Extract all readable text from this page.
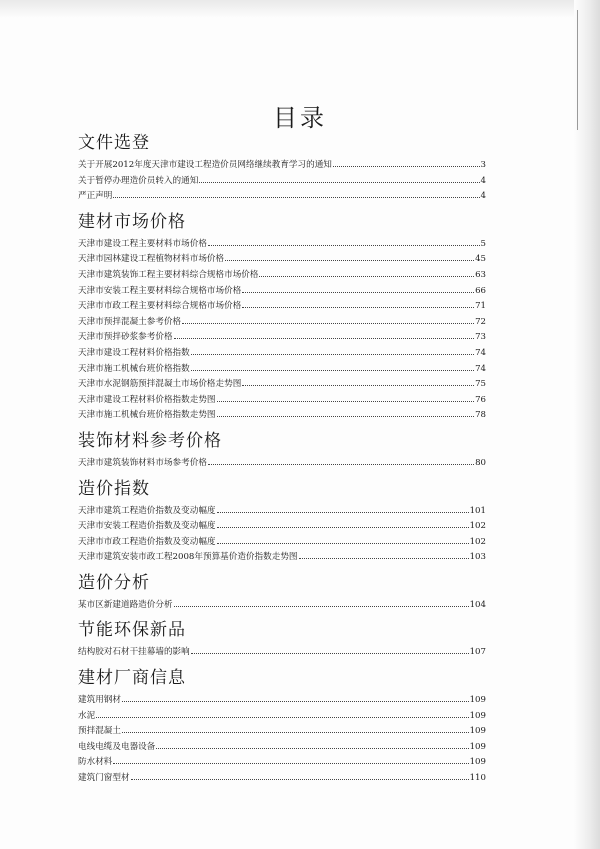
目录
文件选登
关于开展2012年度天津市建设工程造价员网络继续教育学习的通知	3
关于暂停办理造价员转入的通知	4
严正声明	4
建材市场价格
天津市建设工程主要材料市场价格	5
天津市园林建设工程植物材料市场价格	45
天津市建筑装饰工程主要材料综合规格市场价格	63
天津市安装工程主要材料综合规格市场价格	66
天津市市政工程主要材料综合规格市场价格	71
天津市预拌混凝土参考价格	72
天津市预拌砂浆参考价格	73
天津市建设工程材料价格指数	74
天津市施工机械台班价格指数	74
天津市水泥钢筋预拌混凝土市场价格走势图	75
天津市建设工程材料价格指数走势图	76
天津市施工机械台班价格指数走势图	78
装饰材料参考价格
天津市建筑装饰材料市场参考价格	80
造价指数
天津市建筑工程造价指数及变动幅度	101
天津市安装工程造价指数及变动幅度	102
天津市市政工程造价指数及变动幅度	102
天津市建筑安装市政工程2008年预算基价造价指数走势图	103
造价分析
某市区新建道路造价分析	104
节能环保新品
结构胶对石材干挂幕墙的影响	107
建材厂商信息
建筑用钢材	109
水泥	109
预拌混凝土	109
电线电缆及电器设备	109
防水材料	109
建筑门窗型材	110
